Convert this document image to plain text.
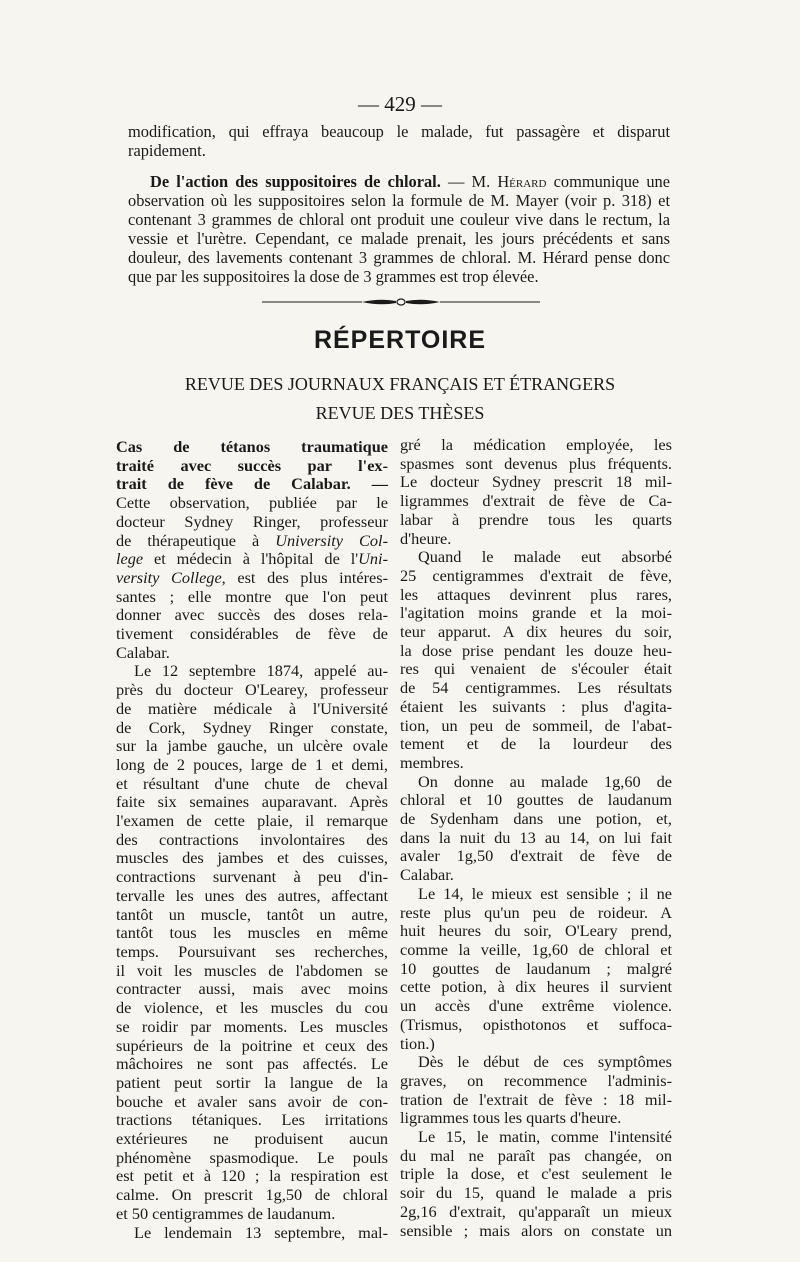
— 429 —

modification, qui effraya beaucoup le malade, fut passagère et disparut rapidement.

De l'action des suppositoires de chloral. — M. Hérard communique une observation où les suppositoires selon la formule de M. Mayer (voir p. 318) et contenant 3 grammes de chloral ont produit une couleur vive dans le rectum, la vessie et l'urètre. Cependant, ce malade prenait, les jours précédents et sans douleur, des lavements contenant 3 grammes de chloral. M. Hérard pense donc que par les suppositoires la dose de 3 grammes est trop élevée.

RÉPERTOIRE
REVUE DES JOURNAUX FRANÇAIS ET ÉTRANGERS
REVUE DES THÈSES
Cas de tétanos traumatique
traité avec succès par l'ex-
trait de fève de Calabar. —
Cette observation, publiée par le
docteur Sydney Ringer, professeur
de thérapeutique à University Col-
lege et médecin à l'hôpital de l'Uni-
versity College, est des plus intéres-
santes ; elle montre que l'on peut
donner avec succès des doses rela-
tivement considérables de fève de
Calabar.
Le 12 septembre 1874, appelé au-
près du docteur O'Learey, professeur
de matière médicale à l'Université
de Cork, Sydney Ringer constate,
sur la jambe gauche, un ulcère ovale
long de 2 pouces, large de 1 et demi,
et résultant d'une chute de cheval
faite six semaines auparavant. Après
l'examen de cette plaie, il remarque
des contractions involontaires des
muscles des jambes et des cuisses,
contractions survenant à peu d'in-
tervalle les unes des autres, affectant
tantôt un muscle, tantôt un autre,
tantôt tous les muscles en même
temps. Poursuivant ses recherches,
il voit les muscles de l'abdomen se
contracter aussi, mais avec moins
de violence, et les muscles du cou
se roidir par moments. Les muscles
supérieurs de la poitrine et ceux des
mâchoires ne sont pas affectés. Le
patient peut sortir la langue de la
bouche et avaler sans avoir de con-
tractions tétaniques. Les irritations
extérieures ne produisent aucun
phénomène spasmodique. Le pouls
est petit et à 120 ; la respiration est
calme. On prescrit 1g,50 de chloral
et 50 centigrammes de laudanum.
Le lendemain 13 septembre, mal-
gré la médication employée, les
spasmes sont devenus plus fréquents.
Le docteur Sydney prescrit 18 mil-
ligrammes d'extrait de fève de Ca-
labar à prendre tous les quarts
d'heure.
Quand le malade eut absorbé
25 centigrammes d'extrait de fève,
les attaques devinrent plus rares,
l'agitation moins grande et la moi-
teur apparut. A dix heures du soir,
la dose prise pendant les douze heu-
res qui venaient de s'écouler était
de 54 centigrammes. Les résultats
étaient les suivants : plus d'agita-
tion, un peu de sommeil, de l'abat-
tement et de la lourdeur des
membres.
On donne au malade 1g,60 de
chloral et 10 gouttes de laudanum
de Sydenham dans une potion, et,
dans la nuit du 13 au 14, on lui fait
avaler 1g,50 d'extrait de fève de
Calabar.
Le 14, le mieux est sensible ; il ne
reste plus qu'un peu de roideur. A
huit heures du soir, O'Leary prend,
comme la veille, 1g,60 de chloral et
10 gouttes de laudanum ; malgré
cette potion, à dix heures il survient
un accès d'une extrême violence.
(Trismus, opisthotonos et suffoca-
tion.)
Dès le début de ces symptômes
graves, on recommence l'adminis-
tration de l'extrait de fève : 18 mil-
ligrammes tous les quarts d'heure.
Le 15, le matin, comme l'intensité
du mal ne paraît pas changée, on
triple la dose, et c'est seulement le
soir du 15, quand le malade a pris
2g,16 d'extrait, qu'apparaît un mieux
sensible ; mais alors on constate un
